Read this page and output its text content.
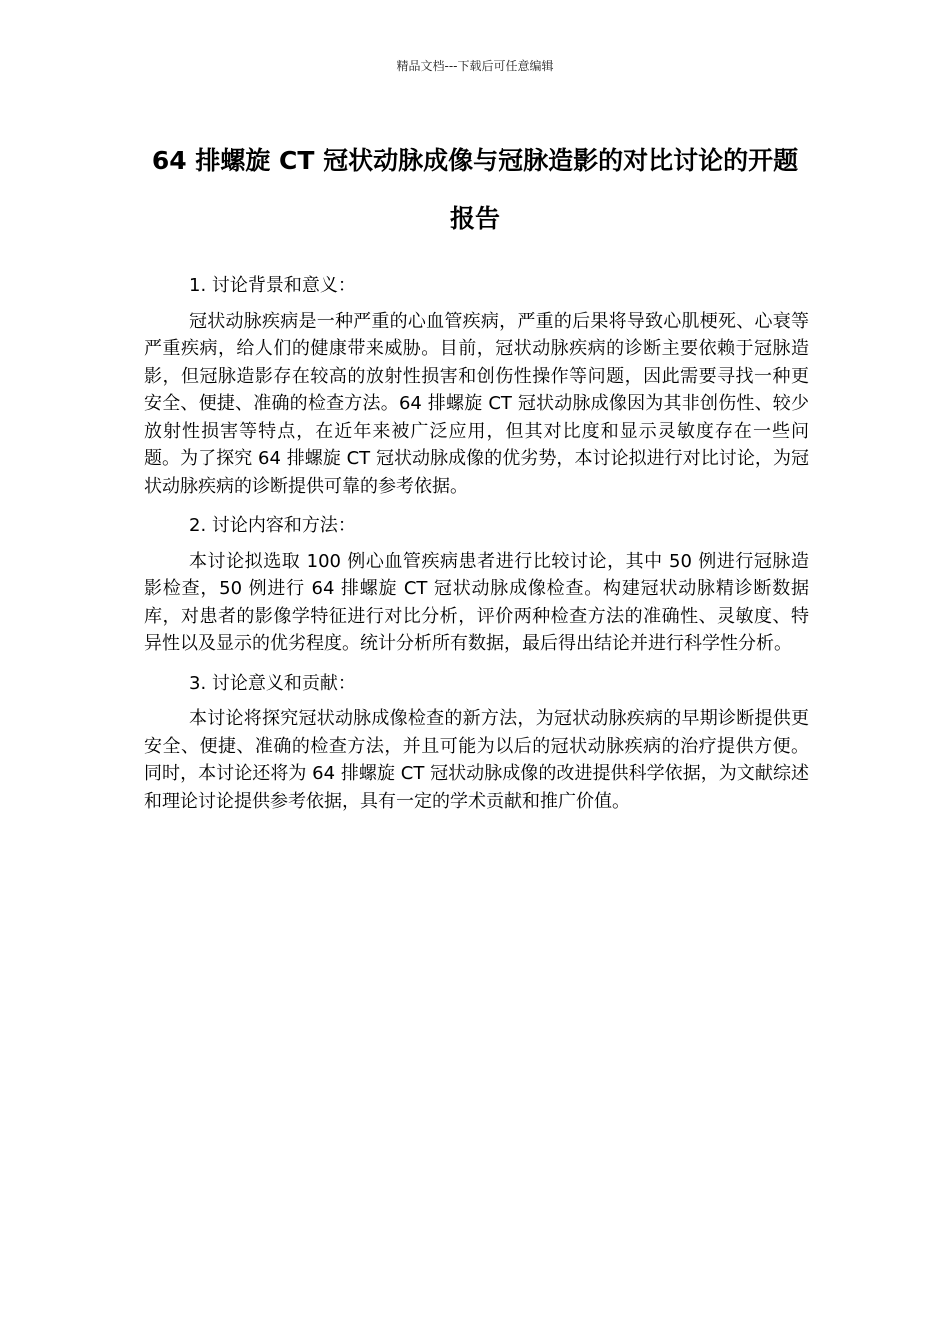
精品文档---下载后可任意编辑
64 排螺旋 CT 冠状动脉成像与冠脉造影的对比讨论的开题报告

1. 讨论背景和意义：

冠状动脉疾病是一种严重的心血管疾病，严重的后果将导致心肌梗死、心衰等严重疾病，给人们的健康带来威胁。目前，冠状动脉疾病的诊断主要依赖于冠脉造影，但冠脉造影存在较高的放射性损害和创伤性操作等问题，因此需要寻找一种更安全、便捷、准确的检查方法。64 排螺旋 CT 冠状动脉成像因为其非创伤性、较少放射性损害等特点，在近年来被广泛应用，但其对比度和显示灵敏度存在一些问题。为了探究 64 排螺旋 CT 冠状动脉成像的优劣势，本讨论拟进行对比讨论，为冠状动脉疾病的诊断提供可靠的参考依据。

2. 讨论内容和方法：

本讨论拟选取 100 例心血管疾病患者进行比较讨论，其中 50 例进行冠脉造影检查，50 例进行 64 排螺旋 CT 冠状动脉成像检查。构建冠状动脉精诊断数据库，对患者的影像学特征进行对比分析，评价两种检查方法的准确性、灵敏度、特异性以及显示的优劣程度。统计分析所有数据，最后得出结论并进行科学性分析。

3. 讨论意义和贡献：

本讨论将探究冠状动脉成像检查的新方法，为冠状动脉疾病的早期诊断提供更安全、便捷、准确的检查方法，并且可能为以后的冠状动脉疾病的治疗提供方便。同时，本讨论还将为 64 排螺旋 CT 冠状动脉成像的改进提供科学依据，为文献综述和理论讨论提供参考依据，具有一定的学术贡献和推广价值。
